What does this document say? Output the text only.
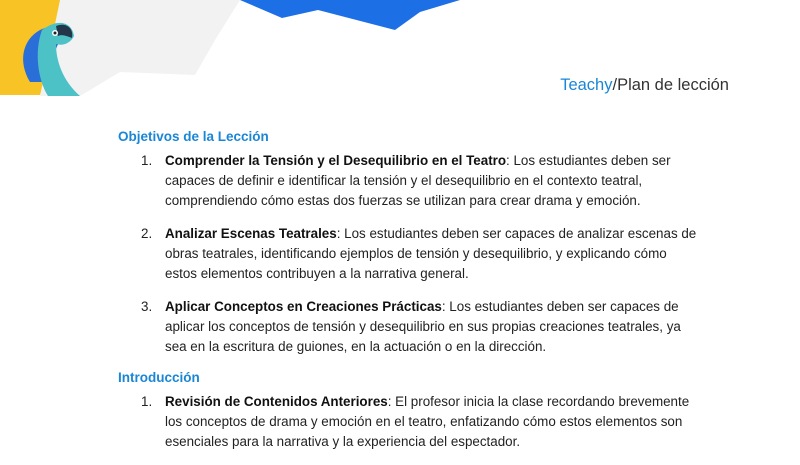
Teachy/Plan de lección
Objetivos de la Lección
1. Comprender la Tensión y el Desequilibrio en el Teatro: Los estudiantes deben ser capaces de definir e identificar la tensión y el desequilibrio en el contexto teatral, comprendiendo cómo estas dos fuerzas se utilizan para crear drama y emoción.
2. Analizar Escenas Teatrales: Los estudiantes deben ser capaces de analizar escenas de obras teatrales, identificando ejemplos de tensión y desequilibrio, y explicando cómo estos elementos contribuyen a la narrativa general.
3. Aplicar Conceptos en Creaciones Prácticas: Los estudiantes deben ser capaces de aplicar los conceptos de tensión y desequilibrio en sus propias creaciones teatrales, ya sea en la escritura de guiones, en la actuación o en la dirección.
Introducción
1. Revisión de Contenidos Anteriores: El profesor inicia la clase recordando brevemente los conceptos de drama y emoción en el teatro, enfatizando cómo estos elementos son esenciales para la narrativa y la experiencia del espectador.
